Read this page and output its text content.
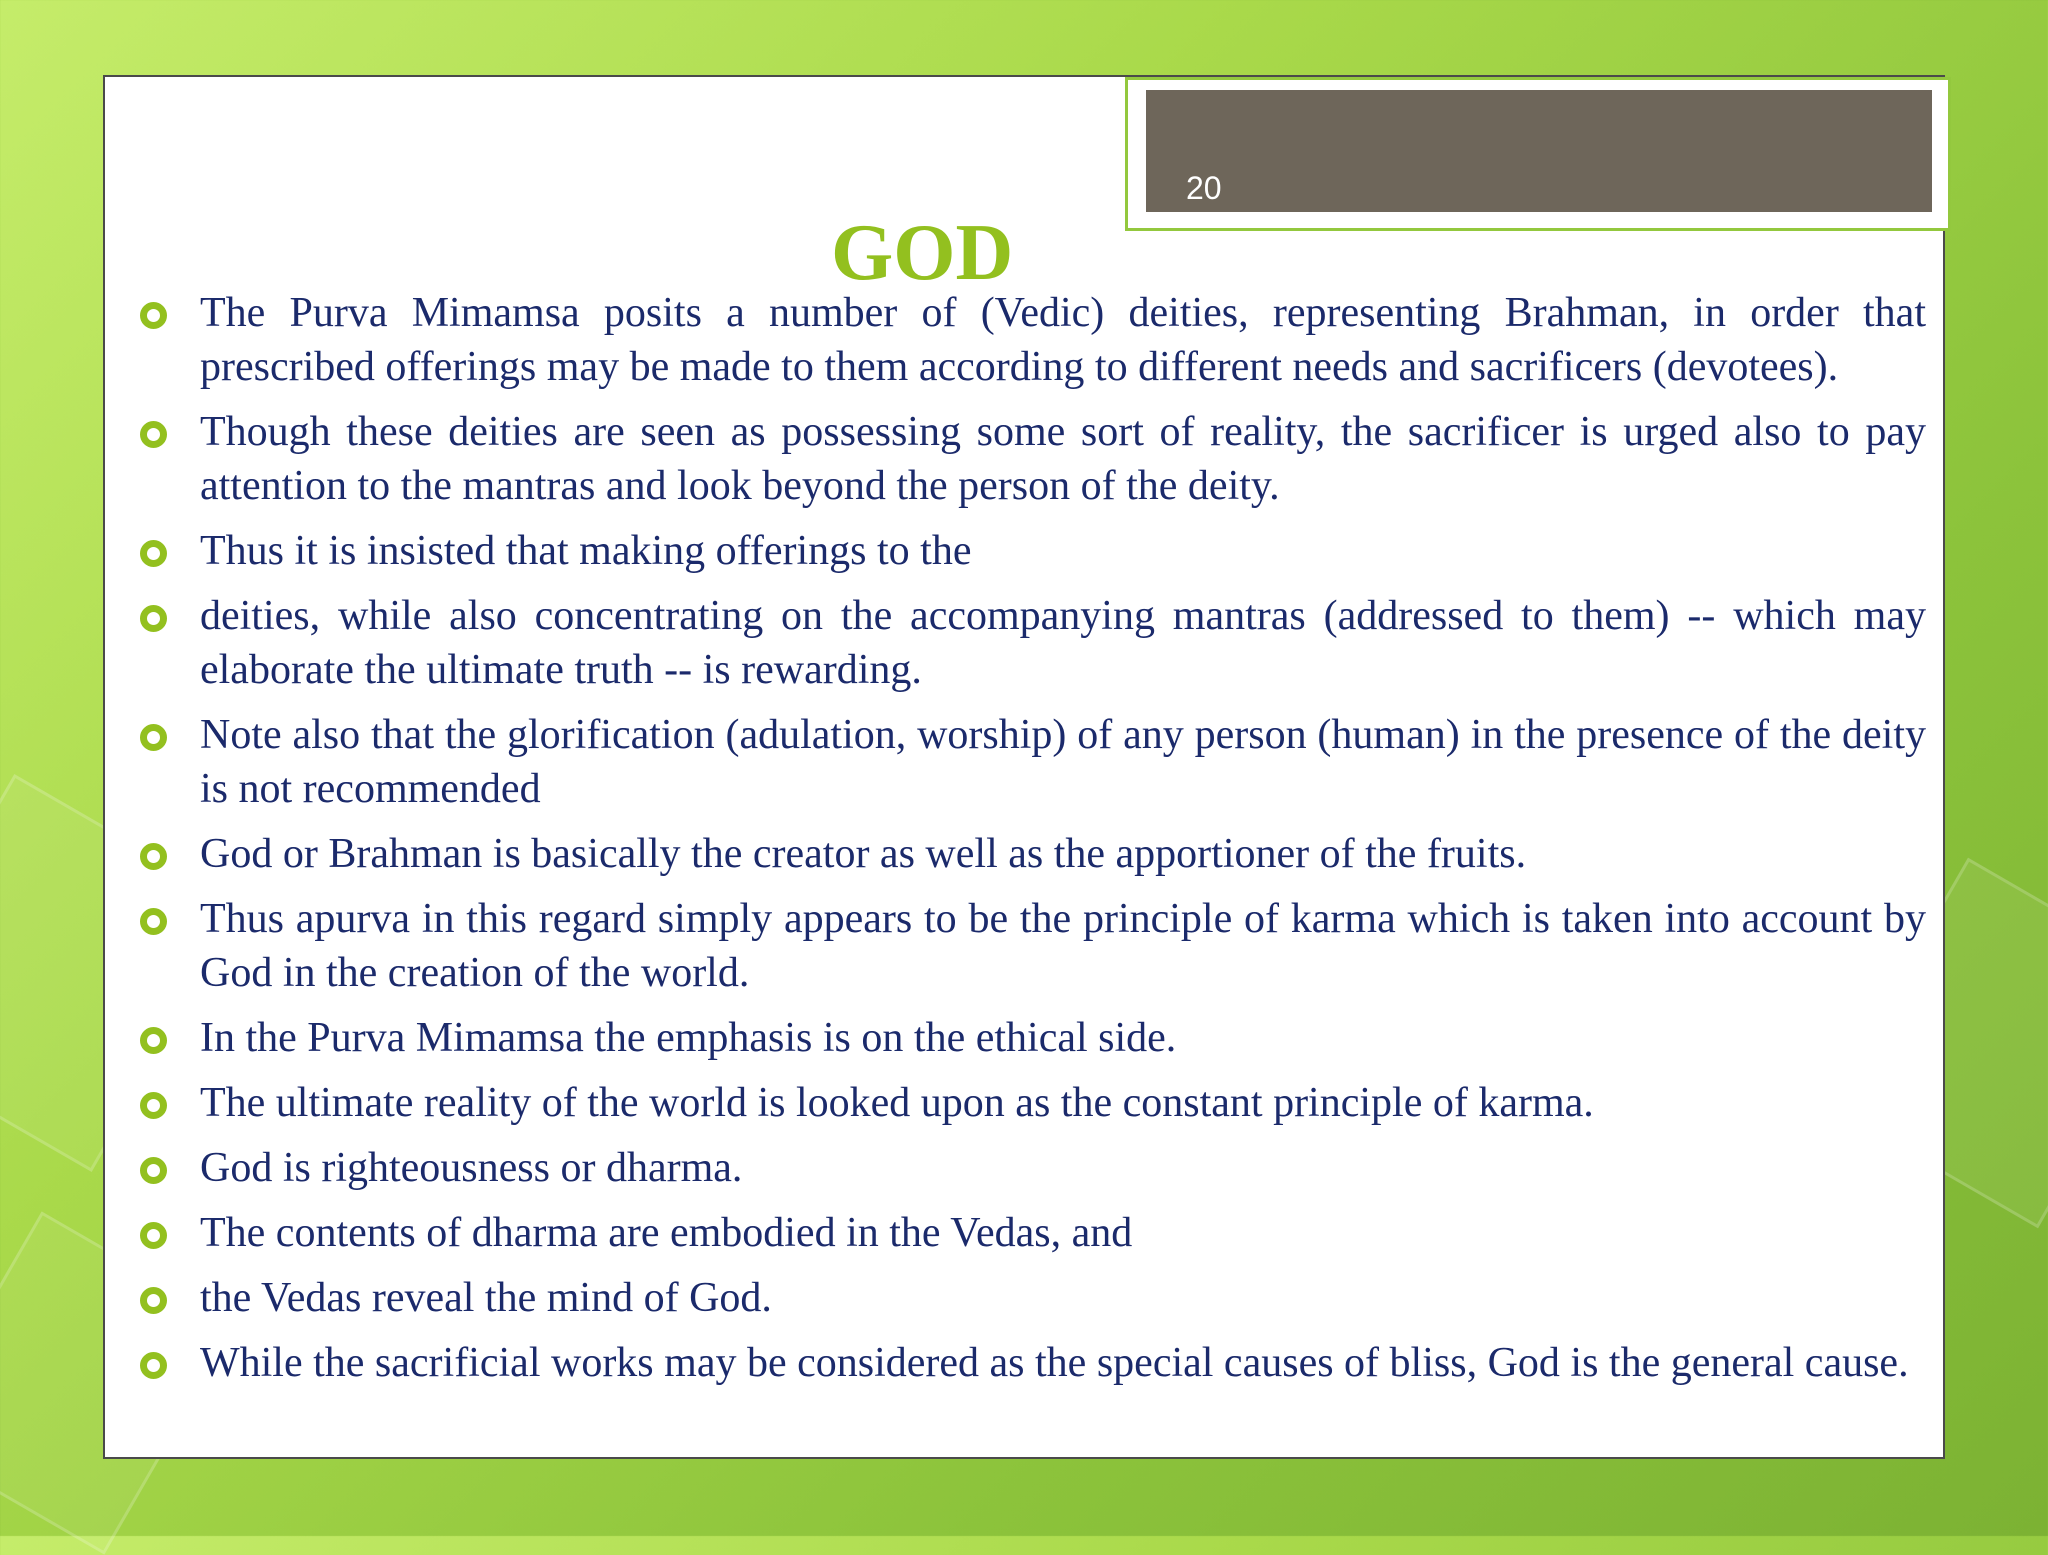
20
GOD
The Purva Mimamsa posits a number of (Vedic) deities, representing Brahman, in order that prescribed offerings may be made to them according to different needs and sacrificers (devotees).
Though these deities are seen as possessing some sort of reality, the sacrificer is urged also to pay attention to the mantras and look beyond the person of the deity.
Thus it is insisted that making offerings to the
deities, while also concentrating on the accompanying mantras (addressed to them) -- which may elaborate the ultimate truth -- is rewarding.
Note also that the glorification (adulation, worship) of any person (human) in the presence of the deity is not recommended
God or Brahman is basically the creator as well as the apportioner of the fruits.
Thus apurva in this regard simply appears to be the principle of karma which is taken into account by God in the creation of the world.
In the Purva Mimamsa the emphasis is on the ethical side.
The ultimate reality of the world is looked upon as the constant principle of karma.
God is righteousness or dharma.
The contents of dharma are embodied in the Vedas, and
the Vedas reveal the mind of God.
While the sacrificial works may be considered as the special causes of bliss, God is the general cause.
